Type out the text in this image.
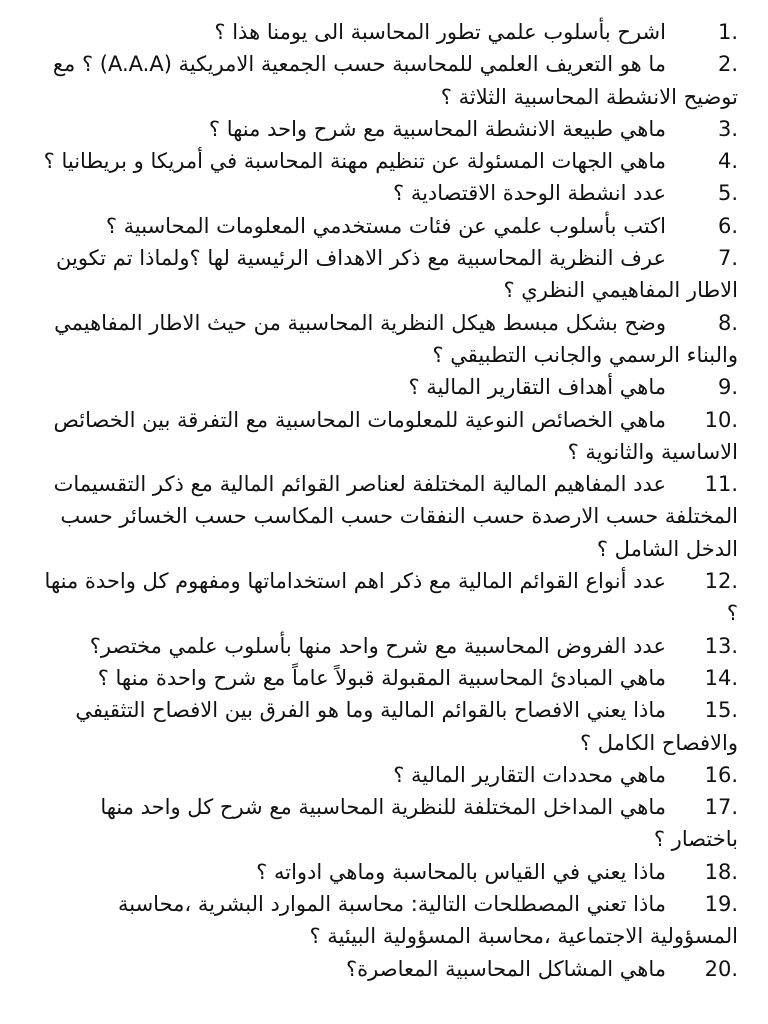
1.
اشرح بأسلوب علمي تطور المحاسبة الى يومنا هذا ؟
2.
ما هو التعريف العلمي للمحاسبة حسب الجمعية الامريكية (A.A.A) ؟ مع توضيح الانشطة المحاسبية الثلاثة ؟
3.
ماهي طبيعة الانشطة المحاسبية مع شرح واحد منها ؟
4.
ماهي الجهات المسئولة عن تنظيم مهنة المحاسبة في أمريكا و بريطانيا ؟
5.
عدد انشطة الوحدة الاقتصادية ؟
6.
اكتب بأسلوب علمي عن فئات مستخدمي المعلومات المحاسبية ؟
7.
عرف النظرية المحاسبية مع ذكر الاهداف الرئيسية لها ؟ولماذا تم تكوين الاطار المفاهيمي النظري ؟
8.
وضح بشكل مبسط هيكل النظرية المحاسبية من حيث الاطار المفاهيمي والبناء الرسمي والجانب التطبيقي ؟
9.
ماهي أهداف التقارير المالية ؟
10.
ماهي الخصائص النوعية للمعلومات المحاسبية مع التفرقة بين الخصائص الاساسية والثانوية ؟
11.
عدد المفاهيم المالية المختلفة لعناصر القوائم المالية مع ذكر التقسيمات المختلفة حسب الارصدة حسب النفقات حسب المكاسب حسب الخسائر حسب الدخل الشامل ؟
12.
عدد أنواع القوائم المالية مع ذكر اهم استخداماتها ومفهوم كل واحدة منها ؟
13.
عدد الفروض المحاسبية مع شرح واحد منها بأسلوب علمي مختصر؟
14.
ماهي المبادئ المحاسبية المقبولة قبولاً عاماً مع شرح واحدة منها ؟
15.
ماذا يعني الافصاح بالقوائم المالية وما هو الفرق بين الافصاح التثقيفي والافصاح الكامل ؟
16.
ماهي محددات التقارير المالية ؟
17.
ماهي المداخل المختلفة للنظرية المحاسبية مع شرح كل واحد منها باختصار ؟
18.
ماذا يعني في القياس بالمحاسبة وماهي ادواته ؟
19.
ماذا تعني المصطلحات التالية: محاسبة الموارد البشرية ،محاسبة المسؤولية الاجتماعية ،محاسبة المسؤولية البيئية ؟
20.
ماهي المشاكل المحاسبية المعاصرة؟
